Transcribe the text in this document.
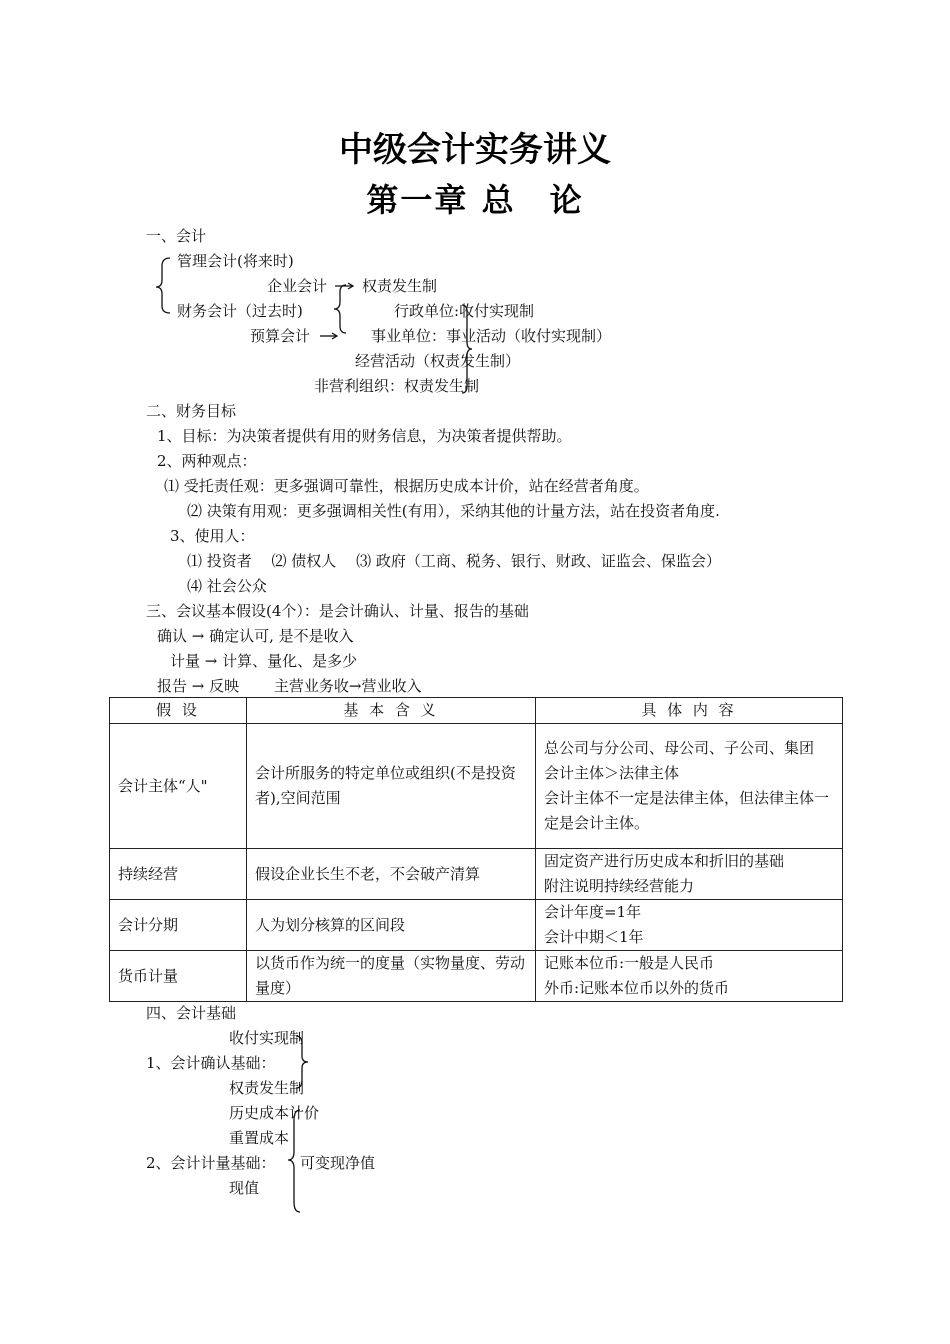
中级会计实务讲义
第一章 总　论
一、会计
管理会计(将来时)
企业会计 权责发生制
财务会计（过去时)	行政单位:收付实现制
预算会计	事业单位：事业活动（收付实现制）
经营活动（权责发生制）
非营利组织：权责发生制
二、财务目标
1、目标：为决策者提供有用的财务信息，为决策者提供帮助。
2、两种观点：
⑴ 受托责任观：更多强调可靠性，根据历史成本计价，站在经营者角度。
⑵ 决策有用观：更多强调相关性(有用），采纳其他的计量方法，站在投资者角度.
3、使用人：
⑴ 投资者　 ⑵ 债权人　 ⑶ 政府（工商、税务、银行、财政、证监会、保监会）
⑷ 社会公众
三、会议基本假设(4个）：是会计确认、计量、报告的基础
确认 → 确定认可, 是不是收入
计量 → 计算、量化、是多少
报告 → 反映　　 主营业务收→营业收入
假 设	基 本 含 义	具 体 内 容
会计主体“人"	会计所服务的特定单位或组织(不是投资者),空间范围	总公司与分公司、母公司、子公司、集团
会计主体＞法律主体
会计主体不一定是法律主体，但法律主体一定是会计主体。

持续经营	假设企业长生不老，不会破产清算	固定资产进行历史成本和折旧的基础
附注说明持续经营能力

会计分期	人为划分核算的区间段	会计年度=1年
会计中期＜1年

货币计量	以货币作为统一的度量（实物量度、劳动量度）	记账本位币:一般是人民币
外币:记账本位币以外的货币
四、会计基础
收付实现制
1、会计确认基础：
权责发生制
历史成本计价
重置成本
2、会计计量基础： 可变现净值
现值
